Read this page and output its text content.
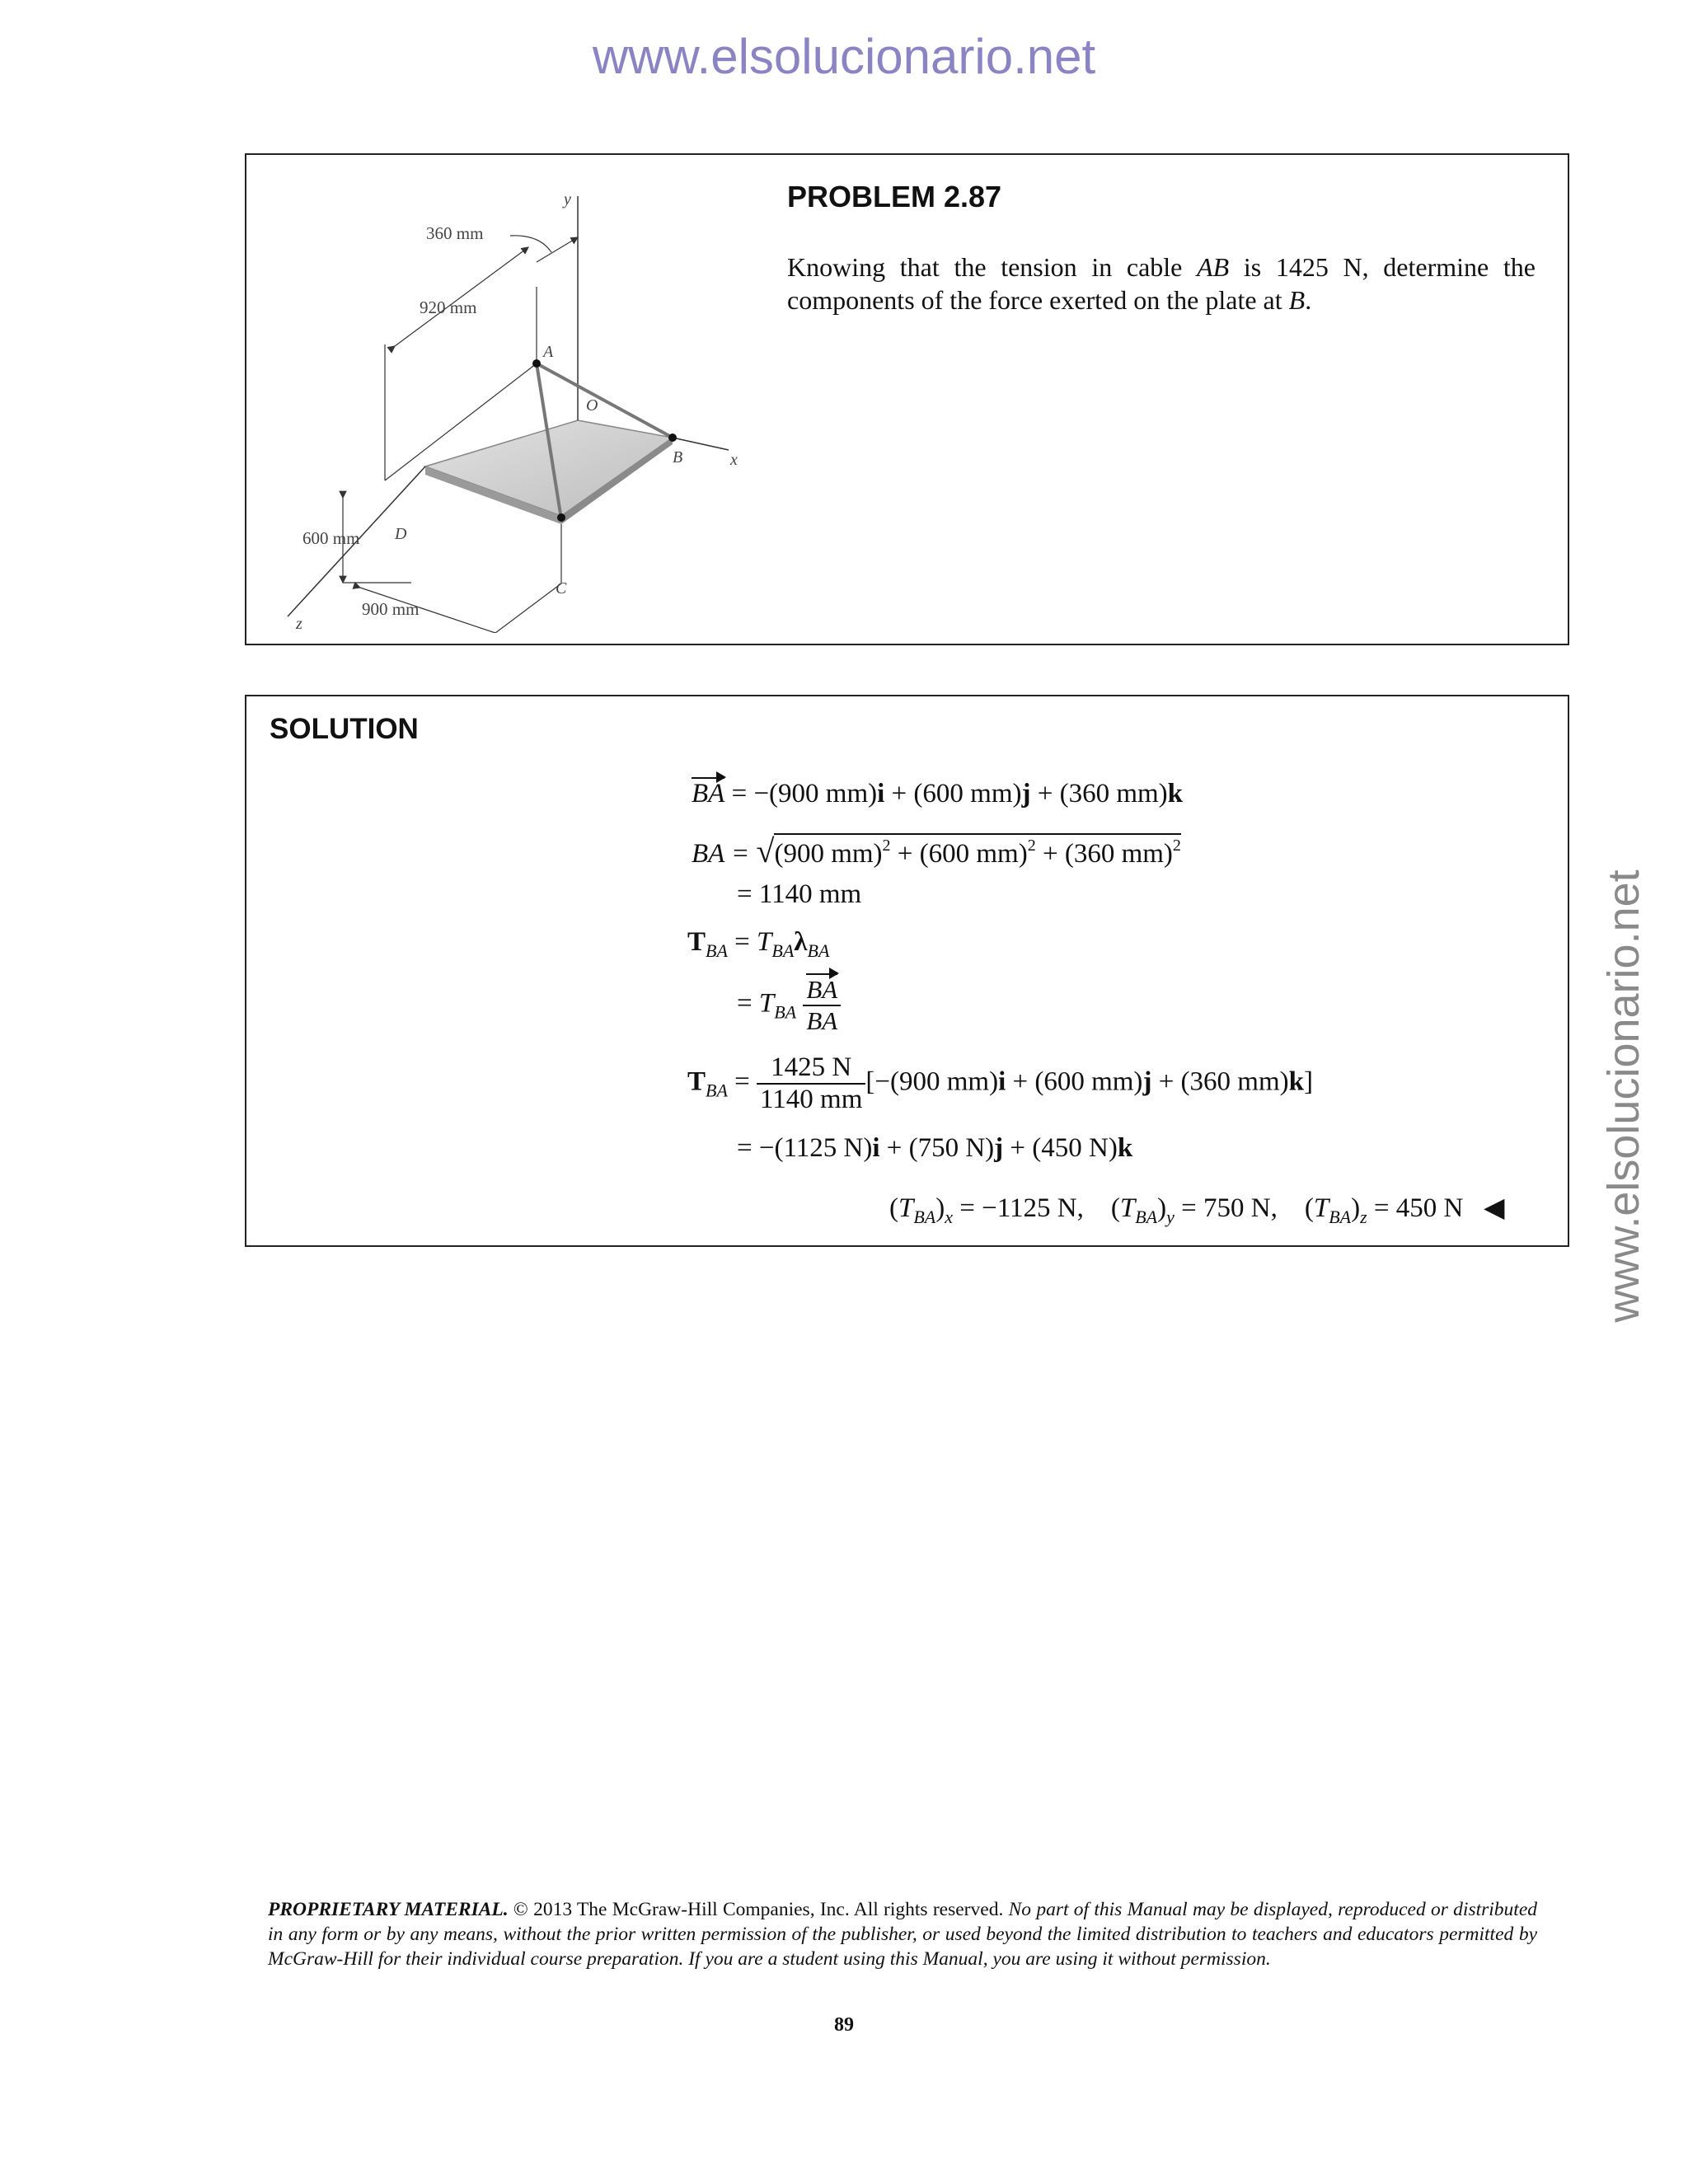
www.elsolucionario.net
www.elsolucionario.net
y
360 mm
920 mm
A
O
B	x
600 mm D
C
900 mm
z
PROBLEM 2.87
Knowing that the tension in cable AB is 1425 N, determine the components of the force exerted on the plate at B.
SOLUTION
BA = −(900 mm)i + (600 mm)j + (360 mm)k
BA = √(900 mm)$^2$ + (600 mm)$^2$ + (360 mm)$^2$
= 1140 mm
$T_{BA} = T_{BA}\lambda_{BA}$
= $T_{BA} \frac{BA}{BA}$
$T_{BA} = \frac{1425 N}{1140 mm} [-(900$ mm)i + (600 mm)j + (360 mm)k]
= −(1125 N)i + (750 N)j + (450 N)k
$(T_{BA})_x = -1125$ N, $(T_{BA})_y = 750$ N, $(T_{BA})_z = 450$ N ◀
PROPRIETARY MATERIAL. © 2013 The McGraw-Hill Companies, Inc. All rights reserved. No part of this Manual may be displayed, reproduced or distributed in any form or by any means, without the prior written permission of the publisher, or used beyond the limited distribution to teachers and educators permitted by McGraw-Hill for their individual course preparation. If you are a student using this Manual, you are using it without permission.
89
